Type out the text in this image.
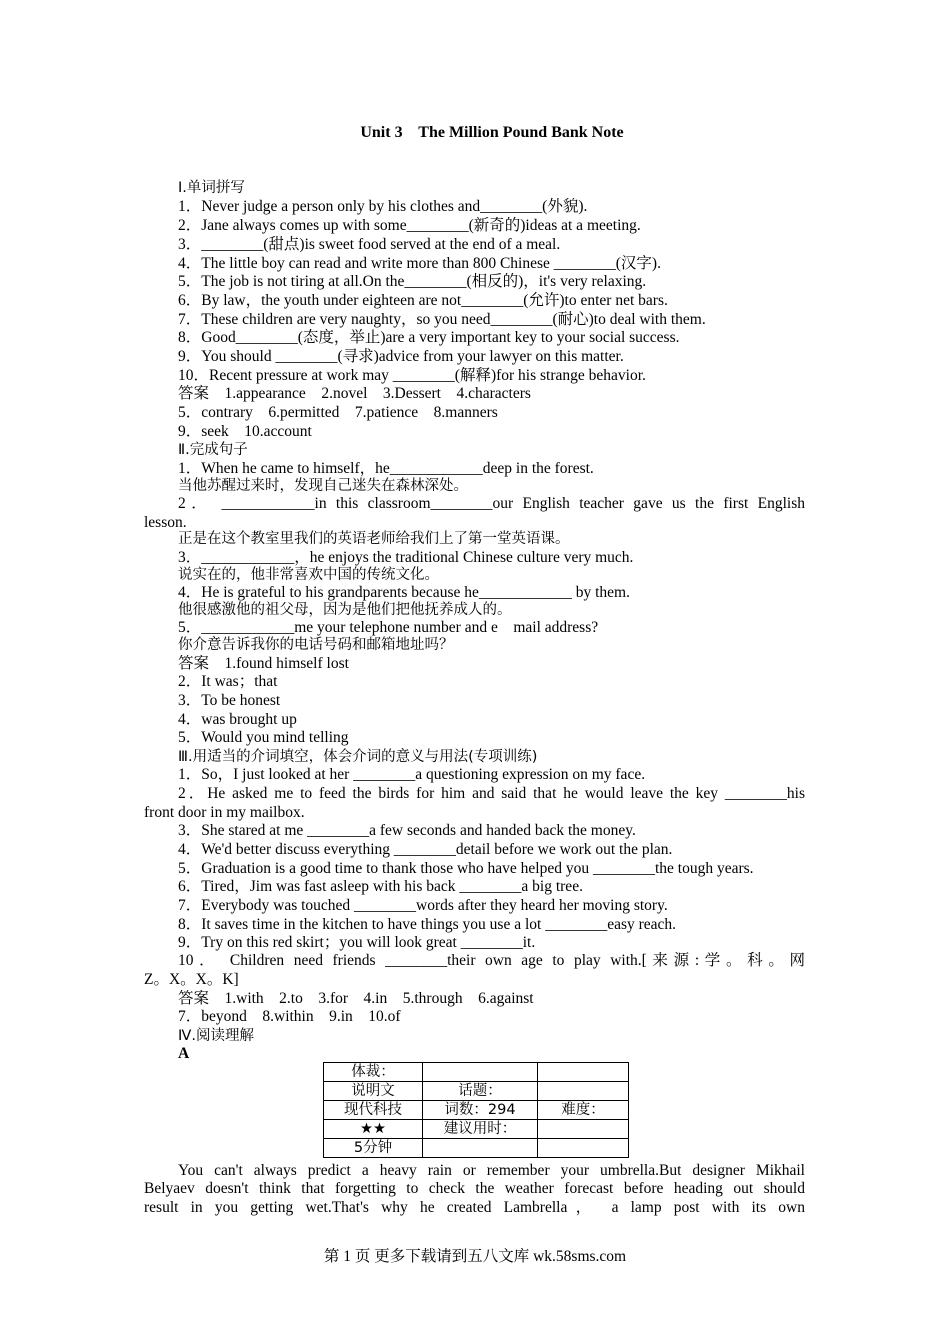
Unit 3    The Million Pound Bank Note
Ⅰ.单词拼写
1．Never judge a person only by his clothes and________(外貌).
2．Jane always comes up with some________(新奇的)ideas at a meeting.
3．________(甜点)is sweet food served at the end of a meal.
4．The little boy can read and write more than 800 Chinese ________(汉字).
5．The job is not tiring at all.On the________(相反的)，it's very relaxing.
6．By law，the youth under eighteen are not________(允许)to enter net bars.
7．These children are very naughty，so you need________(耐心)to deal with them.
8．Good________(态度，举止)are a very important key to your social success.
9．You should ________(寻求)advice from your lawyer on this matter.
10．Recent pressure at work may ________(解释)for his strange behavior.
答案　1.appearance　2.novel　3.Dessert　4.characters
5．contrary　6.permitted　7.patience　8.manners
9．seek　10.account
Ⅱ.完成句子
1．When he came to himself，he____________deep in the forest.
当他苏醒过来时，发现自己迷失在森林深处。
2． ____________in this classroom________our English teacher gave us the first English
lesson.
正是在这个教室里我们的英语老师给我们上了第一堂英语课。
3．____________，he enjoys the traditional Chinese culture very much.
说实在的，他非常喜欢中国的传统文化。
4．He is grateful to his grandparents because he____________ by them.
他很感激他的祖父母，因为是他们把他抚养成人的。
5．____________me your telephone number and e　mail address?
你介意告诉我你的电话号码和邮箱地址吗？
答案　1.found himself lost
2．It was；that
3．To be honest
4．was brought up
5．Would you mind telling
Ⅲ.用适当的介词填空，体会介词的意义与用法(专项训练)
1．So，I just looked at her ________a questioning expression on my face.
2．He asked me to feed the birds for him and said that he would leave the key ________his
front door in my mailbox.
3．She stared at me ________a few seconds and handed back the money.
4．We'd better discuss everything ________detail before we work out the plan.
5．Graduation is a good time to thank those who have helped you ________the tough years.
6．Tired，Jim was fast asleep with his back ________a big tree.
7．Everybody was touched ________words after they heard her moving story.
8．It saves time in the kitchen to have things you use a lot ________easy reach.
9．Try on this red skirt；you will look great ________it.
10． Children need friends ________their own age to play with.[来源:学。科。网
Z。X。X。K]
答案　1.with　2.to　3.for　4.in　5.through　6.against
7．beyond　8.within　9.in　10.of
Ⅳ.阅读理解
A
体裁：		
说明文	话题：	
现代科技	词数：294	难度：
★★	建议用时：	
5分钟		
You can't always predict a heavy rain or remember your umbrella.But designer Mikhail
Belyaev doesn't think that forgetting to check the weather forecast before heading out should
result in you getting wet.That's why he created Lambrella， a lamp post with its own
第 1 页 更多下载请到五八文库 wk.58sms.com
